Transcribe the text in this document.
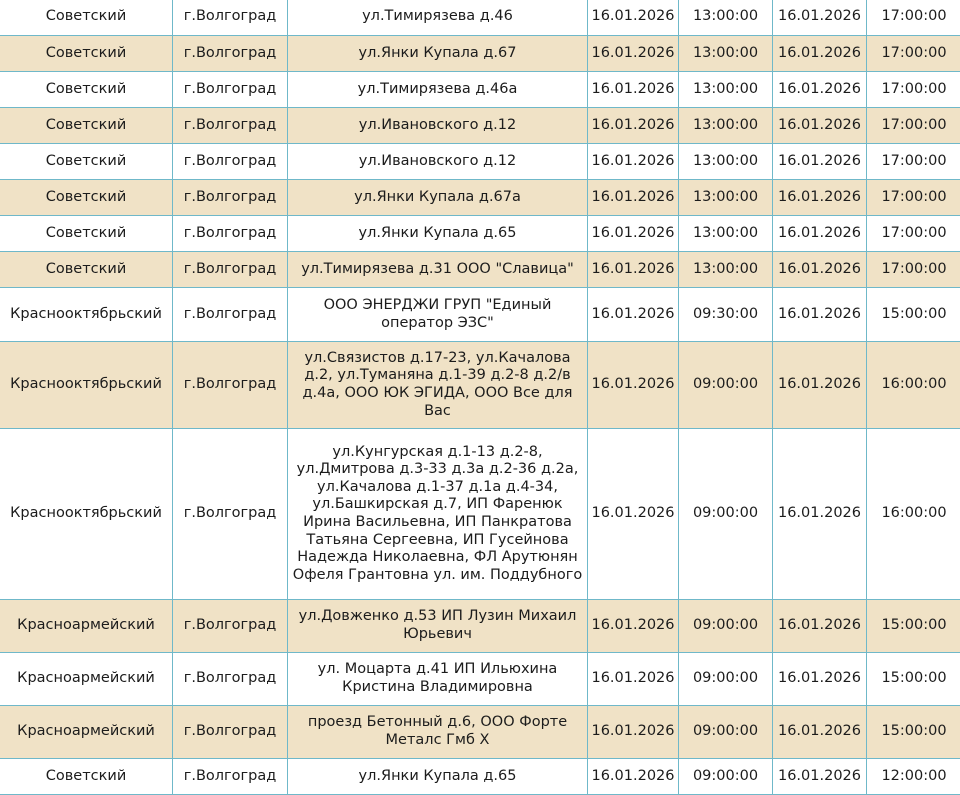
Советский	г.Волгоград	ул.Тимирязева д.46	16.01.2026	13:00:00	16.01.2026	17:00:00
Советский	г.Волгоград	ул.Янки Купала д.67	16.01.2026	13:00:00	16.01.2026	17:00:00
Советский	г.Волгоград	ул.Тимирязева д.46а	16.01.2026	13:00:00	16.01.2026	17:00:00
Советский	г.Волгоград	ул.Ивановского д.12	16.01.2026	13:00:00	16.01.2026	17:00:00
Советский	г.Волгоград	ул.Ивановского д.12	16.01.2026	13:00:00	16.01.2026	17:00:00
Советский	г.Волгоград	ул.Янки Купала д.67а	16.01.2026	13:00:00	16.01.2026	17:00:00
Советский	г.Волгоград	ул.Янки Купала д.65	16.01.2026	13:00:00	16.01.2026	17:00:00
Советский	г.Волгоград	ул.Тимирязева д.31 ООО "Славица"	16.01.2026	13:00:00	16.01.2026	17:00:00
Краснооктябрьский	г.Волгоград	ООО ЭНЕРДЖИ ГРУП "Единый оператор ЭЗС"	16.01.2026	09:30:00	16.01.2026	15:00:00
Краснооктябрьский	г.Волгоград	ул.Связистов д.17-23, ул.Качалова д.2, ул.Туманяна д.1-39 д.2-8 д.2/в д.4а, ООО ЮК ЭГИДА, ООО Все для Вас	16.01.2026	09:00:00	16.01.2026	16:00:00
Краснооктябрьский	г.Волгоград	ул.Кунгурская д.1-13 д.2-8, ул.Дмитрова д.3-33 д.3а д.2-36 д.2а, ул.Качалова д.1-37 д.1а д.4-34, ул.Башкирская д.7, ИП Фаренюк Ирина Васильевна, ИП Панкратова Татьяна Сергеевна, ИП Гусейнова Надежда Николаевна, ФЛ Арутюнян Офеля Грантовна ул. им. Поддубного	16.01.2026	09:00:00	16.01.2026	16:00:00
Красноармейский	г.Волгоград	ул.Довженко д.53 ИП Лузин Михаил Юрьевич	16.01.2026	09:00:00	16.01.2026	15:00:00
Красноармейский	г.Волгоград	ул. Моцарта д.41 ИП Ильюхина Кристина Владимировна	16.01.2026	09:00:00	16.01.2026	15:00:00
Красноармейский	г.Волгоград	проезд Бетонный д.6, ООО Форте Металс Гмб Х	16.01.2026	09:00:00	16.01.2026	15:00:00
Советский	г.Волгоград	ул.Янки Купала д.65	16.01.2026	09:00:00	16.01.2026	12:00:00
